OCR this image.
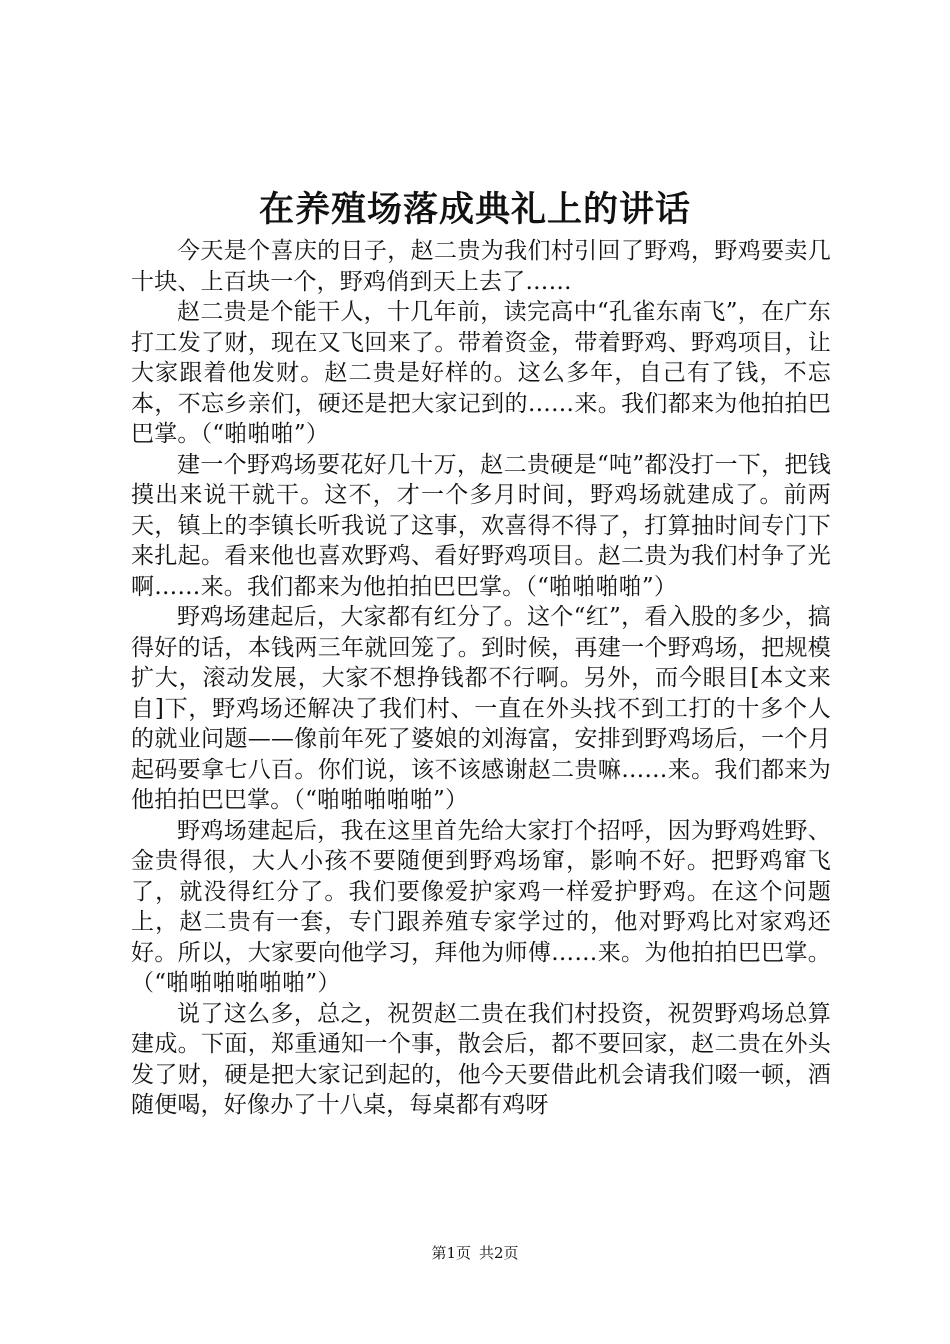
在养殖场落成典礼上的讲话

今天是个喜庆的日子，赵二贵为我们村引回了野鸡，野鸡要卖几十块、上百块一个，野鸡俏到天上去了……

赵二贵是个能干人，十几年前，读完高中“孔雀东南飞”，在广东打工发了财，现在又飞回来了。带着资金，带着野鸡、野鸡项目，让大家跟着他发财。赵二贵是好样的。这么多年，自己有了钱，不忘本，不忘乡亲们，硬还是把大家记到的……来。我们都来为他拍拍巴巴掌。（“啪啪啪”）

建一个野鸡场要花好几十万，赵二贵硬是“吨”都没打一下，把钱摸出来说干就干。这不，才一个多月时间，野鸡场就建成了。前两天，镇上的李镇长听我说了这事，欢喜得不得了，打算抽时间专门下来扎起。看来他也喜欢野鸡、看好野鸡项目。赵二贵为我们村争了光啊……来。我们都来为他拍拍巴巴掌。（“啪啪啪啪”）

野鸡场建起后，大家都有红分了。这个“红”，看入股的多少，搞得好的话，本钱两三年就回笼了。到时候，再建一个野鸡场，把规模扩大，滚动发展，大家不想挣钱都不行啊。另外，而今眼目[本文来自]下，野鸡场还解决了我们村、一直在外头找不到工打的十多个人的就业问题——像前年死了婆娘的刘海富，安排到野鸡场后，一个月起码要拿七八百。你们说，该不该感谢赵二贵嘛……来。我们都来为他拍拍巴巴掌。（“啪啪啪啪啪”）

野鸡场建起后，我在这里首先给大家打个招呼，因为野鸡姓野、金贵得很，大人小孩不要随便到野鸡场窜，影响不好。把野鸡窜飞了，就没得红分了。我们要像爱护家鸡一样爱护野鸡。在这个问题上，赵二贵有一套，专门跟养殖专家学过的，他对野鸡比对家鸡还好。所以，大家要向他学习，拜他为师傅……来。为他拍拍巴巴掌。（“啪啪啪啪啪啪”）

说了这么多，总之，祝贺赵二贵在我们村投资，祝贺野鸡场总算建成。下面，郑重通知一个事，散会后，都不要回家，赵二贵在外头发了财，硬是把大家记到起的，他今天要借此机会请我们啜一顿，酒随便喝，好像办了十八桌，每桌都有鸡呀

第1页 共2页
